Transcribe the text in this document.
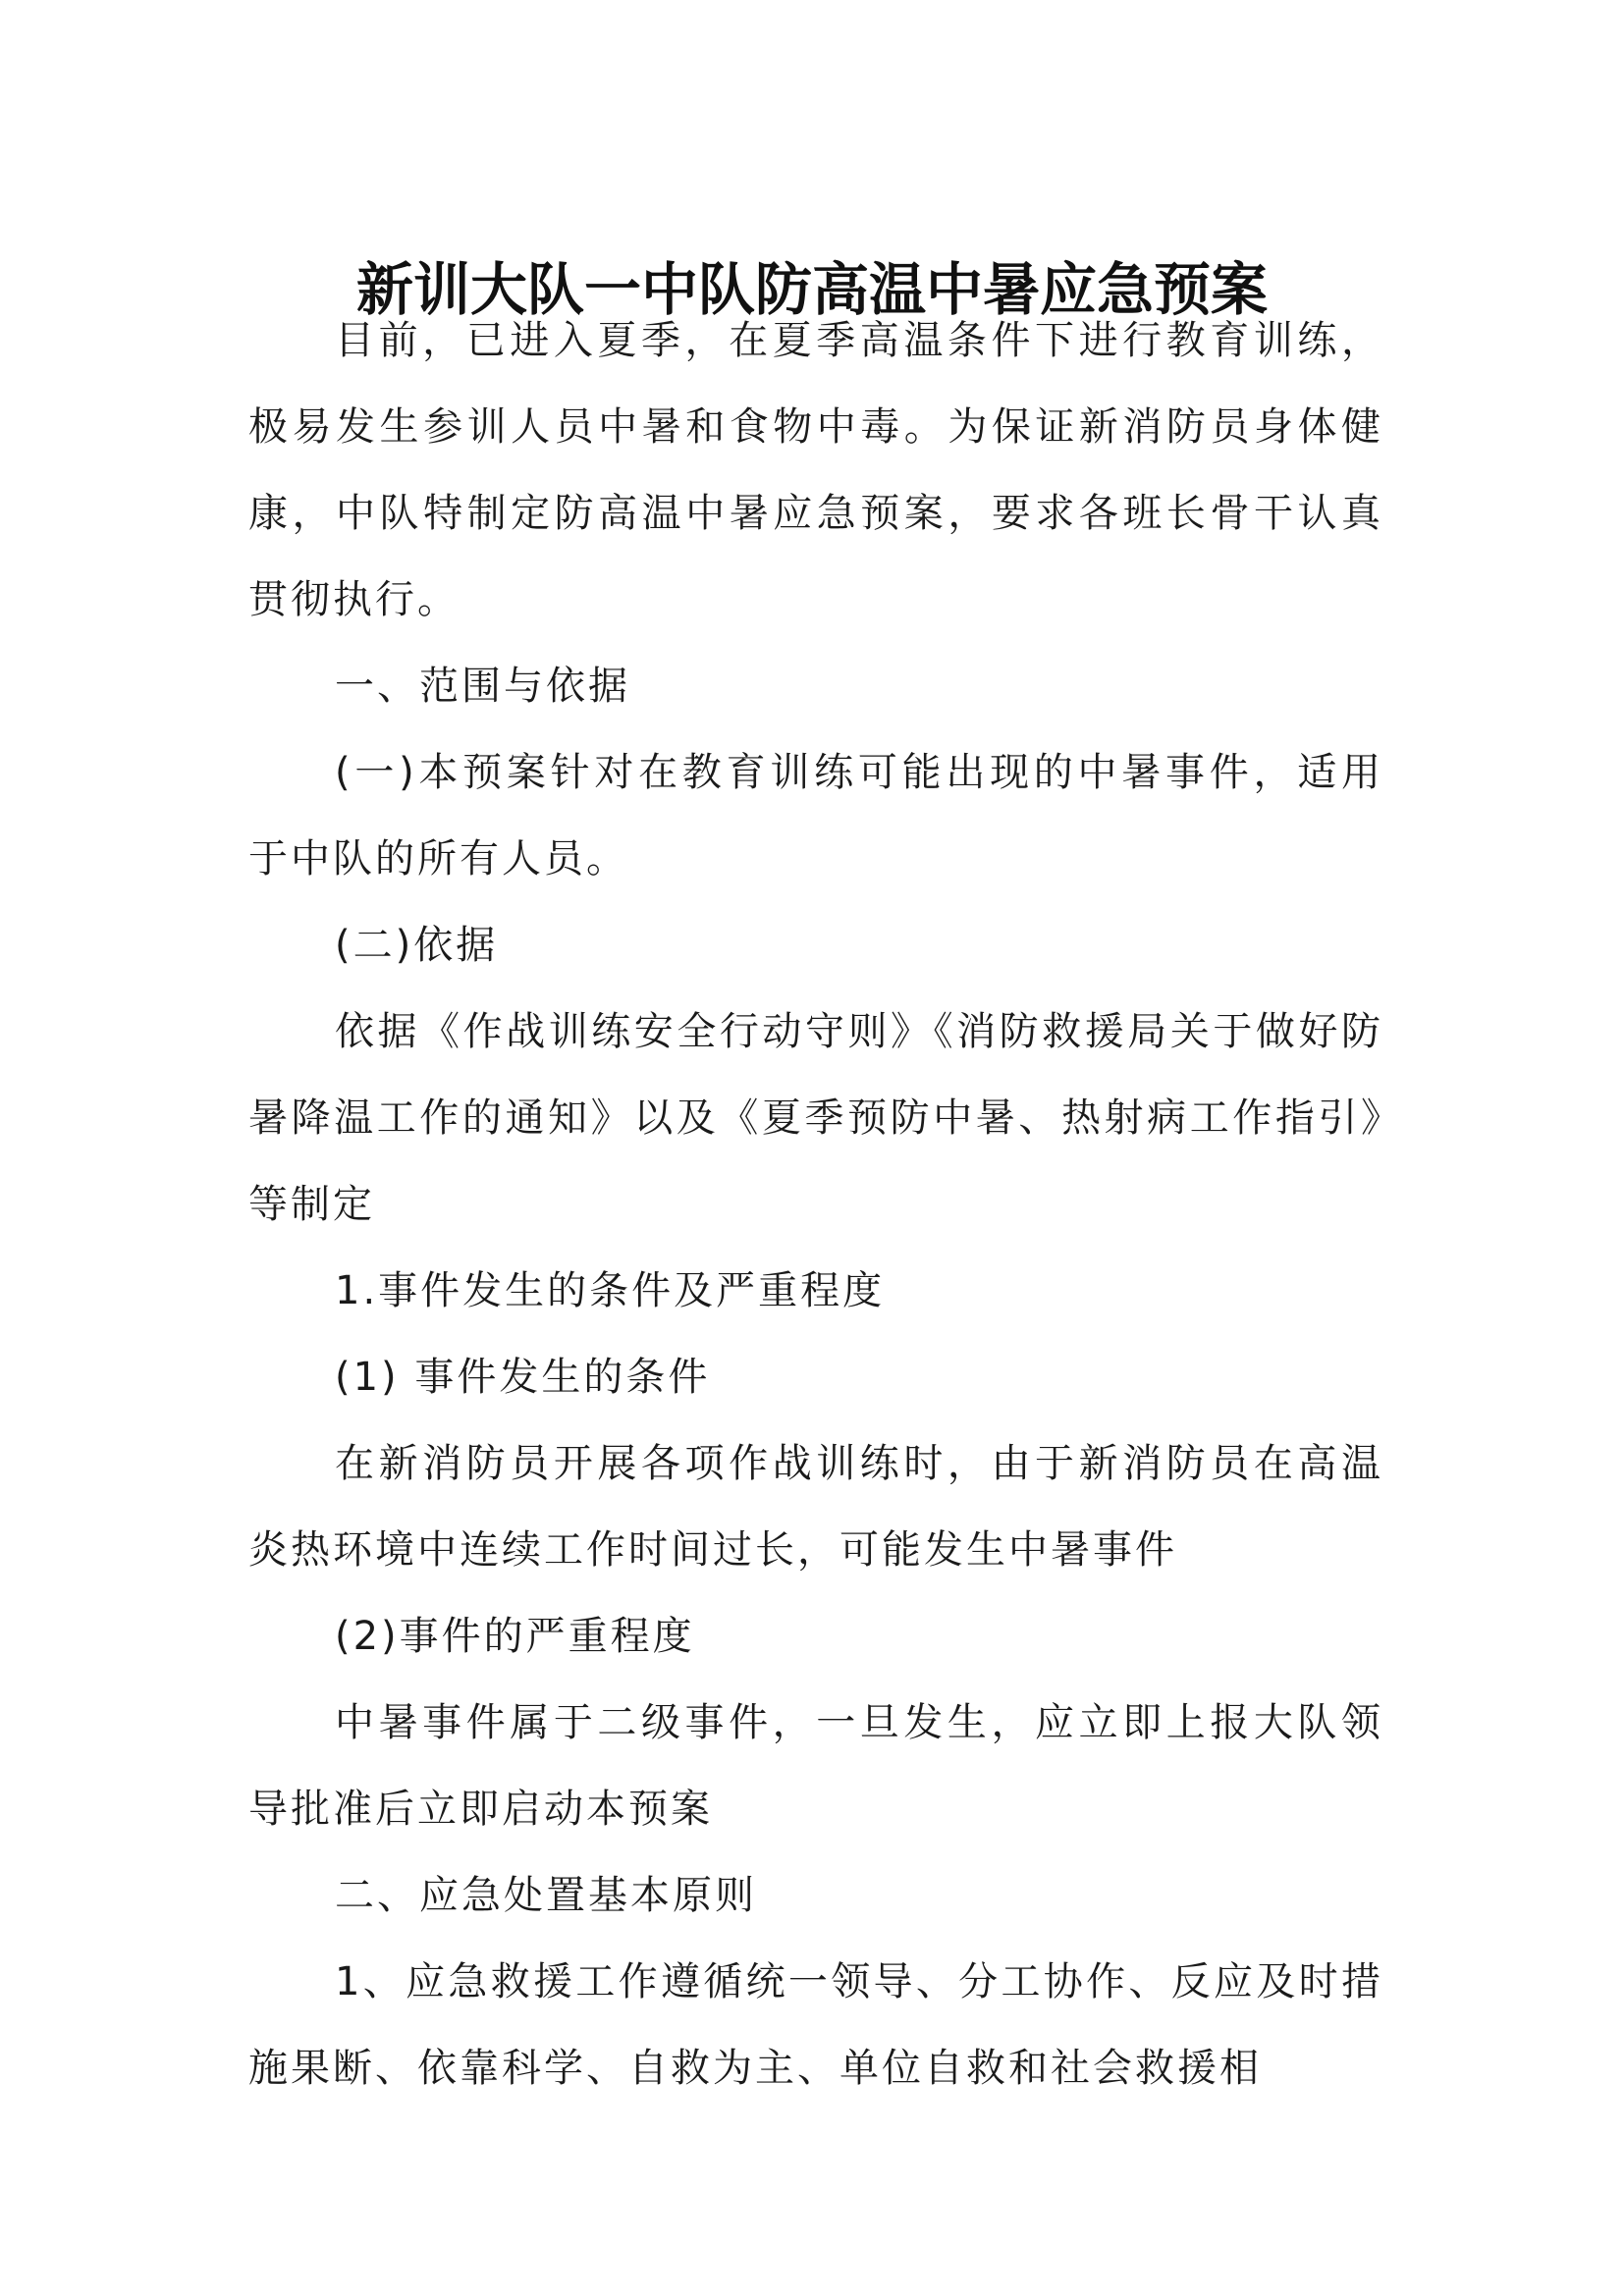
新训大队一中队防高温中暑应急预案

目前，已进入夏季，在夏季高温条件下进行教育训练，极易发生参训人员中暑和食物中毒。为保证新消防员身体健康，中队特制定防高温中暑应急预案，要求各班长骨干认真贯彻执行。

一、范围与依据

(一)本预案针对在教育训练可能出现的中暑事件，适用于中队的所有人员。

(二)依据

依据《作战训练安全行动守则》《消防救援局关于做好防暑降温工作的通知》以及《夏季预防中暑、热射病工作指引》等制定

1.事件发生的条件及严重程度

(1) 事件发生的条件

在新消防员开展各项作战训练时，由于新消防员在高温炎热环境中连续工作时间过长，可能发生中暑事件

(2)事件的严重程度

中暑事件属于二级事件，一旦发生，应立即上报大队领导批准后立即启动本预案

二、应急处置基本原则

1、应急救援工作遵循统一领导、分工协作、反应及时措施果断、依靠科学、自救为主、单位自救和社会救援相
